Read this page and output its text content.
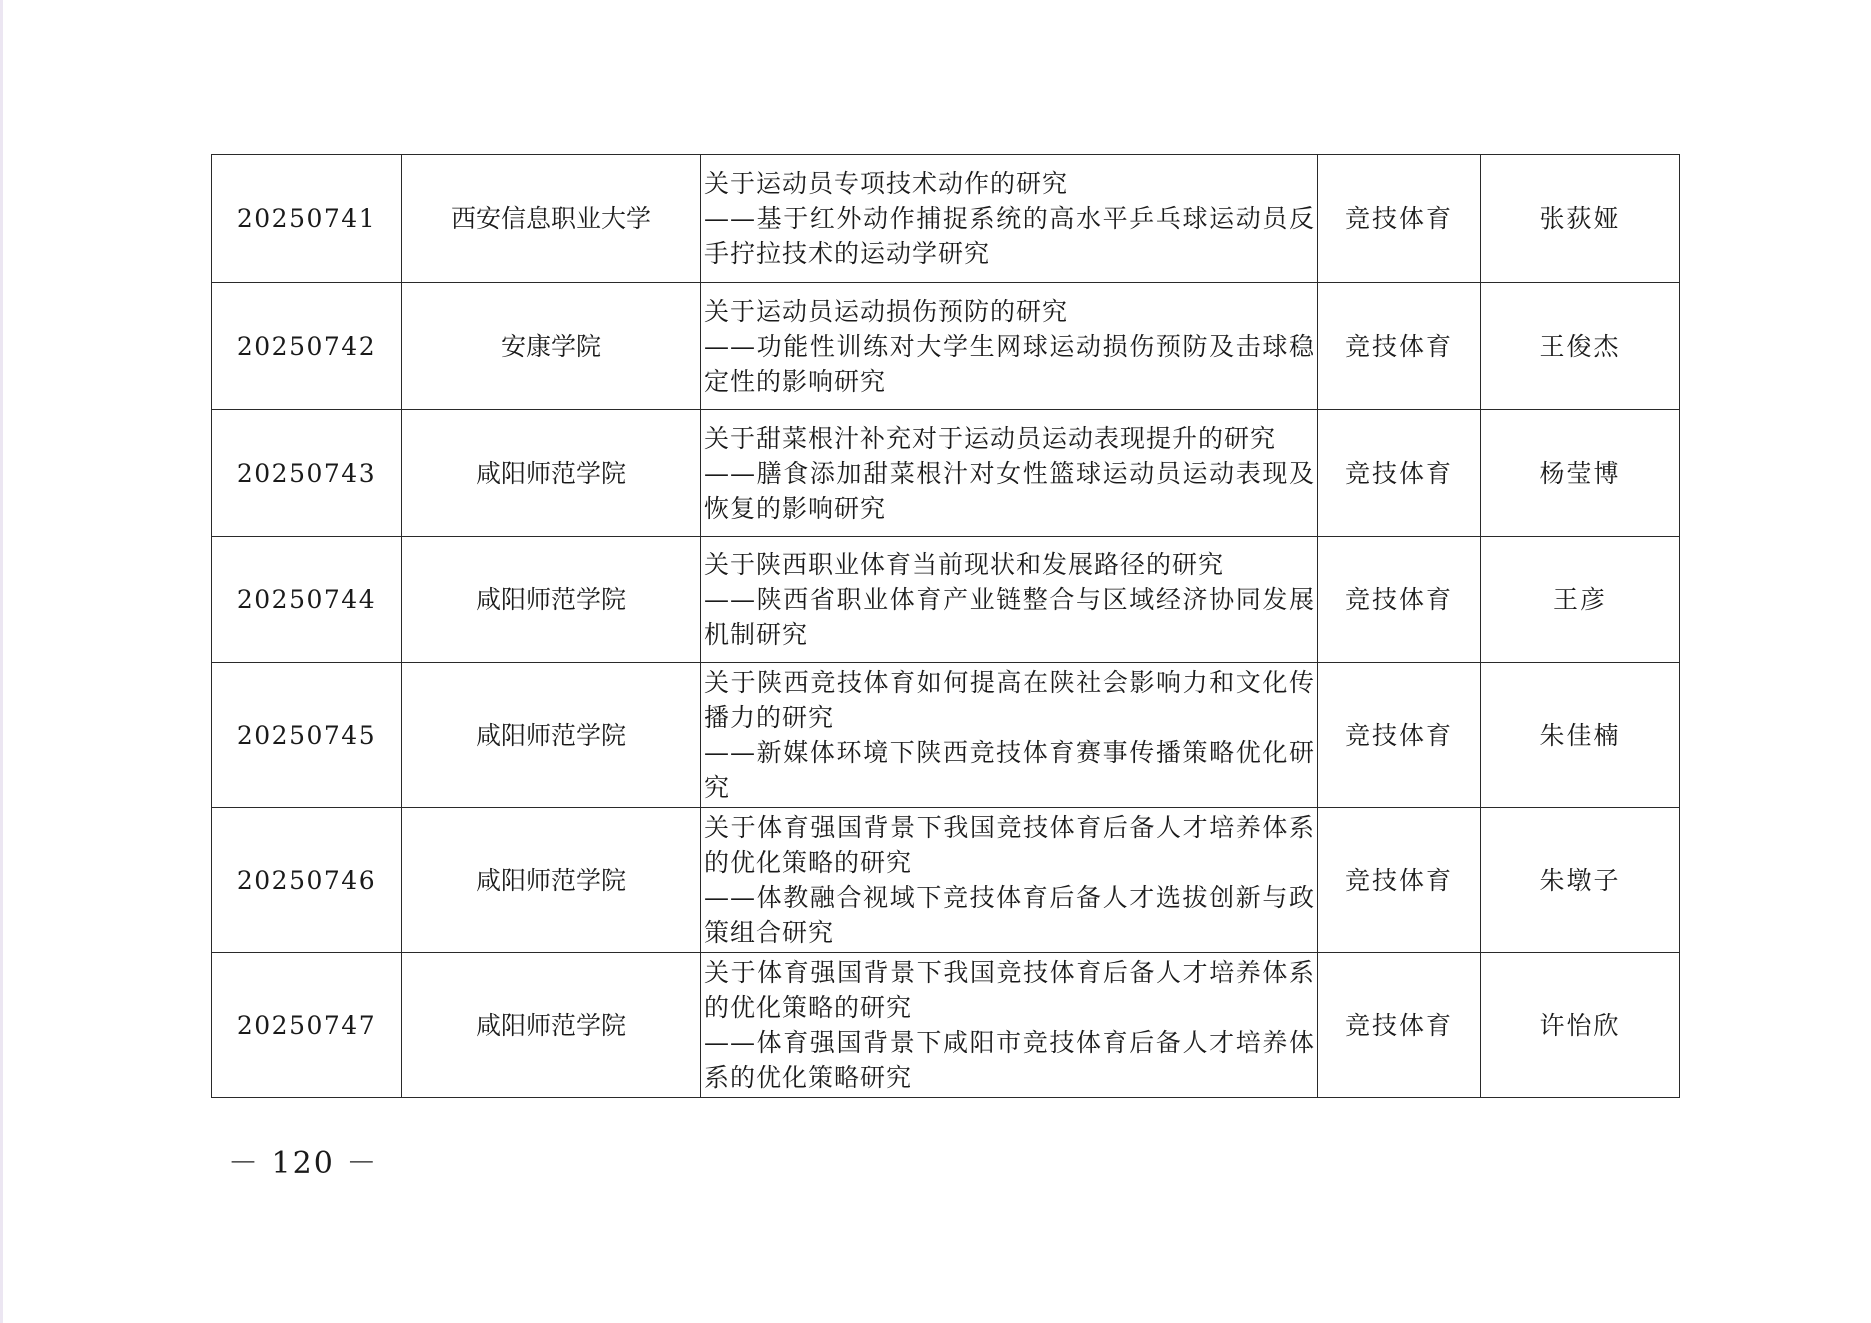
20250741	西安信息职业大学	关于运动员专项技术动作的研究
——基于红外动作捕捉系统的高水平乒乓球运动员反手拧拉技术的运动学研究	竞技体育	张荻娅
20250742	安康学院	关于运动员运动损伤预防的研究
——功能性训练对大学生网球运动损伤预防及击球稳定性的影响研究	竞技体育	王俊杰
20250743	咸阳师范学院	关于甜菜根汁补充对于运动员运动表现提升的研究
——膳食添加甜菜根汁对女性篮球运动员运动表现及恢复的影响研究	竞技体育	杨莹博
20250744	咸阳师范学院	关于陕西职业体育当前现状和发展路径的研究
——陕西省职业体育产业链整合与区域经济协同发展机制研究	竞技体育	王彦
20250745	咸阳师范学院	关于陕西竞技体育如何提高在陕社会影响力和文化传播力的研究
——新媒体环境下陕西竞技体育赛事传播策略优化研究	竞技体育	朱佳楠
20250746	咸阳师范学院	关于体育强国背景下我国竞技体育后备人才培养体系的优化策略的研究
——体教融合视域下竞技体育后备人才选拔创新与政策组合研究	竞技体育	朱墩子
20250747	咸阳师范学院	关于体育强国背景下我国竞技体育后备人才培养体系的优化策略的研究
——体育强国背景下咸阳市竞技体育后备人才培养体系的优化策略研究	竞技体育	许怡欣
－ 120 －
